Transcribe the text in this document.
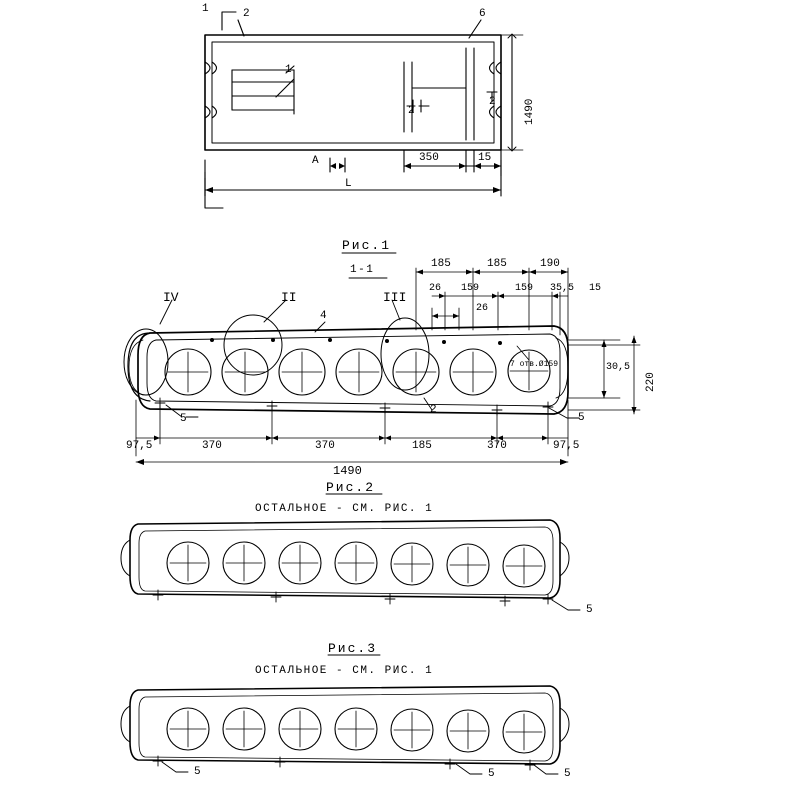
1	2	6
1
2
2	1490
350	15
A
L
Рис.1
1-1
IV	II	III
4
5
2
5
185	185	190
26 159	159 35,5 15
26
30,5
220
7 отв.Ø159
97,5	370	370	185	370	97,5
1490
Рис.2
ОСТАЛЬНОЕ - СМ. РИС. 1
5
Рис.3
ОСТАЛЬНОЕ - СМ. РИС. 1
5	5	5
